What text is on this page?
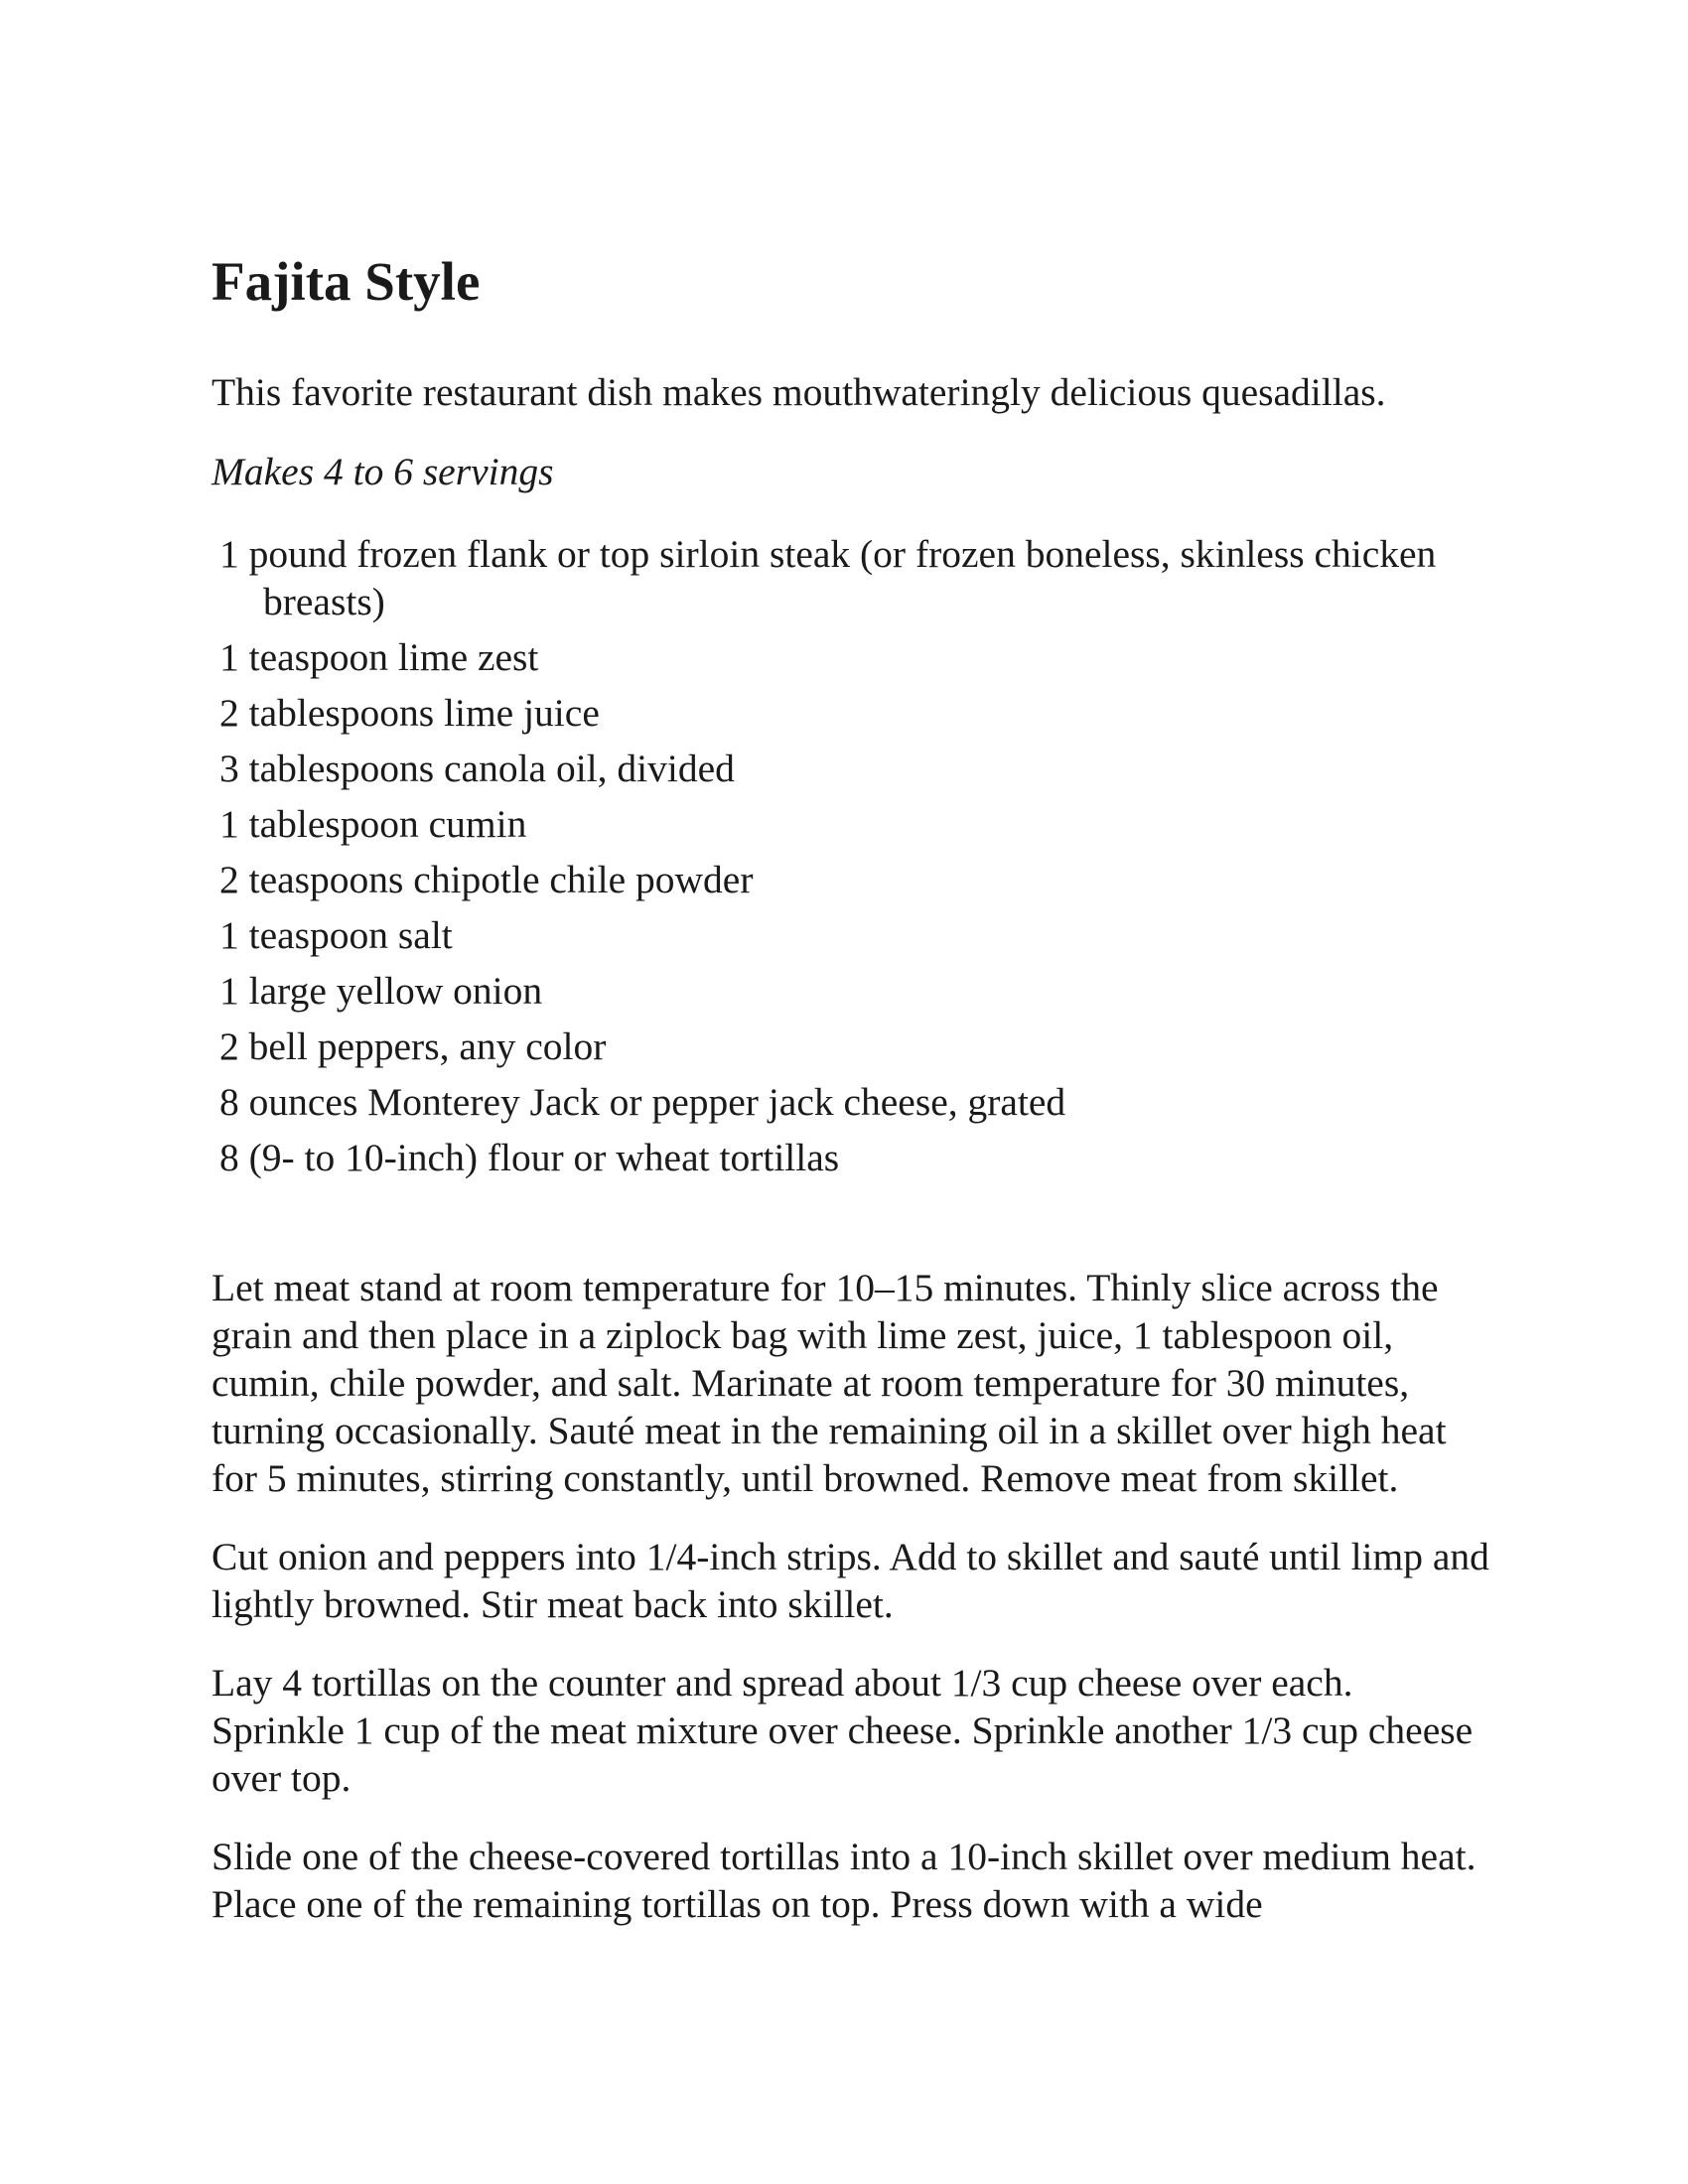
Fajita Style

This favorite restaurant dish makes mouthwateringly delicious quesadillas.

Makes 4 to 6 servings

1 pound frozen flank or top sirloin steak (or frozen boneless, skinless chicken breasts)
1 teaspoon lime zest
2 tablespoons lime juice
3 tablespoons canola oil, divided
1 tablespoon cumin
2 teaspoons chipotle chile powder
1 teaspoon salt
1 large yellow onion
2 bell peppers, any color
8 ounces Monterey Jack or pepper jack cheese, grated
8 (9- to 10-inch) flour or wheat tortillas

Let meat stand at room temperature for 10–15 minutes. Thinly slice across the grain and then place in a ziplock bag with lime zest, juice, 1 tablespoon oil, cumin, chile powder, and salt. Marinate at room temperature for 30 minutes, turning occasionally. Sauté meat in the remaining oil in a skillet over high heat for 5 minutes, stirring constantly, until browned. Remove meat from skillet.

Cut onion and peppers into 1/4-inch strips. Add to skillet and sauté until limp and lightly browned. Stir meat back into skillet.

Lay 4 tortillas on the counter and spread about 1/3 cup cheese over each. Sprinkle 1 cup of the meat mixture over cheese. Sprinkle another 1/3 cup cheese over top.

Slide one of the cheese-covered tortillas into a 10-inch skillet over medium heat. Place one of the remaining tortillas on top. Press down with a wide
